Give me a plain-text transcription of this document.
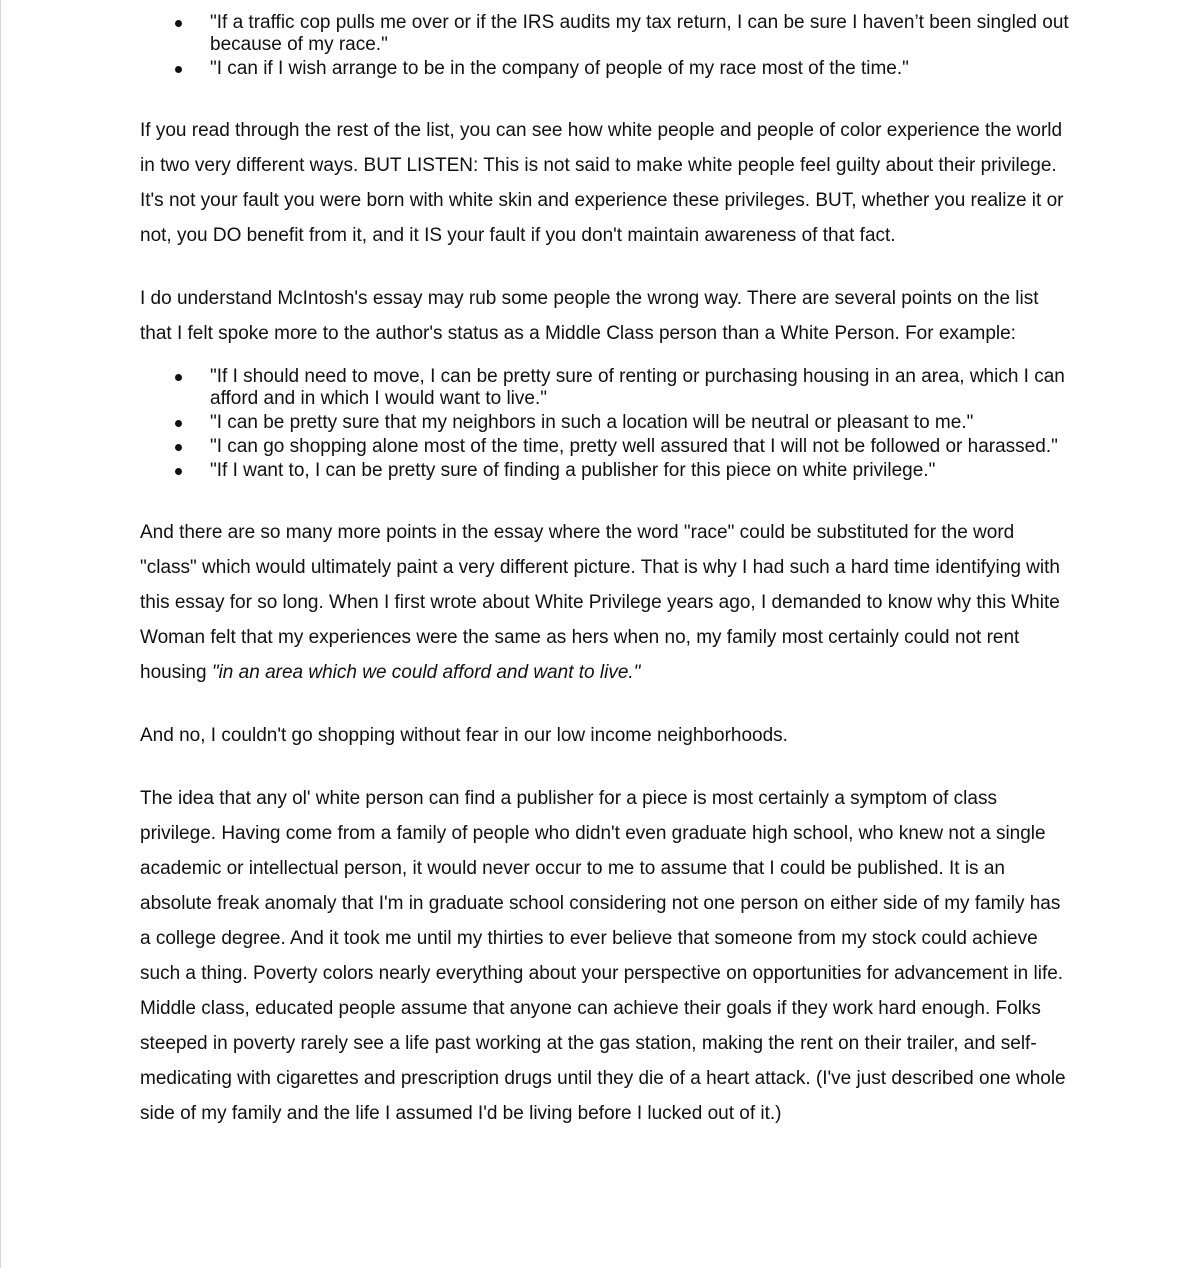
"If a traffic cop pulls me over or if the IRS audits my tax return, I can be sure I haven’t been singled out because of my race."
"I can if I wish arrange to be in the company of people of my race most of the time."

If you read through the rest of the list, you can see how white people and people of color experience the world in two very different ways. BUT LISTEN: This is not said to make white people feel guilty about their privilege. It's not your fault you were born with white skin and experience these privileges. BUT, whether you realize it or not, you DO benefit from it, and it IS your fault if you don't maintain awareness of that fact.

I do understand McIntosh's essay may rub some people the wrong way. There are several points on the list that I felt spoke more to the author's status as a Middle Class person than a White Person. For example:

"If I should need to move, I can be pretty sure of renting or purchasing housing in an area, which I can afford and in which I would want to live."
"I can be pretty sure that my neighbors in such a location will be neutral or pleasant to me."
"I can go shopping alone most of the time, pretty well assured that I will not be followed or harassed."
"If I want to, I can be pretty sure of finding a publisher for this piece on white privilege."

And there are so many more points in the essay where the word "race" could be substituted for the word "class" which would ultimately paint a very different picture. That is why I had such a hard time identifying with this essay for so long. When I first wrote about White Privilege years ago, I demanded to know why this White Woman felt that my experiences were the same as hers when no, my family most certainly could not rent housing "in an area which we could afford and want to live."

And no, I couldn't go shopping without fear in our low income neighborhoods.

The idea that any ol' white person can find a publisher for a piece is most certainly a symptom of class privilege. Having come from a family of people who didn't even graduate high school, who knew not a single academic or intellectual person, it would never occur to me to assume that I could be published. It is an absolute freak anomaly that I'm in graduate school considering not one person on either side of my family has a college degree. And it took me until my thirties to ever believe that someone from my stock could achieve such a thing. Poverty colors nearly everything about your perspective on opportunities for advancement in life. Middle class, educated people assume that anyone can achieve their goals if they work hard enough. Folks steeped in poverty rarely see a life past working at the gas station, making the rent on their trailer, and self-medicating with cigarettes and prescription drugs until they die of a heart attack. (I've just described one whole side of my family and the life I assumed I'd be living before I lucked out of it.)
